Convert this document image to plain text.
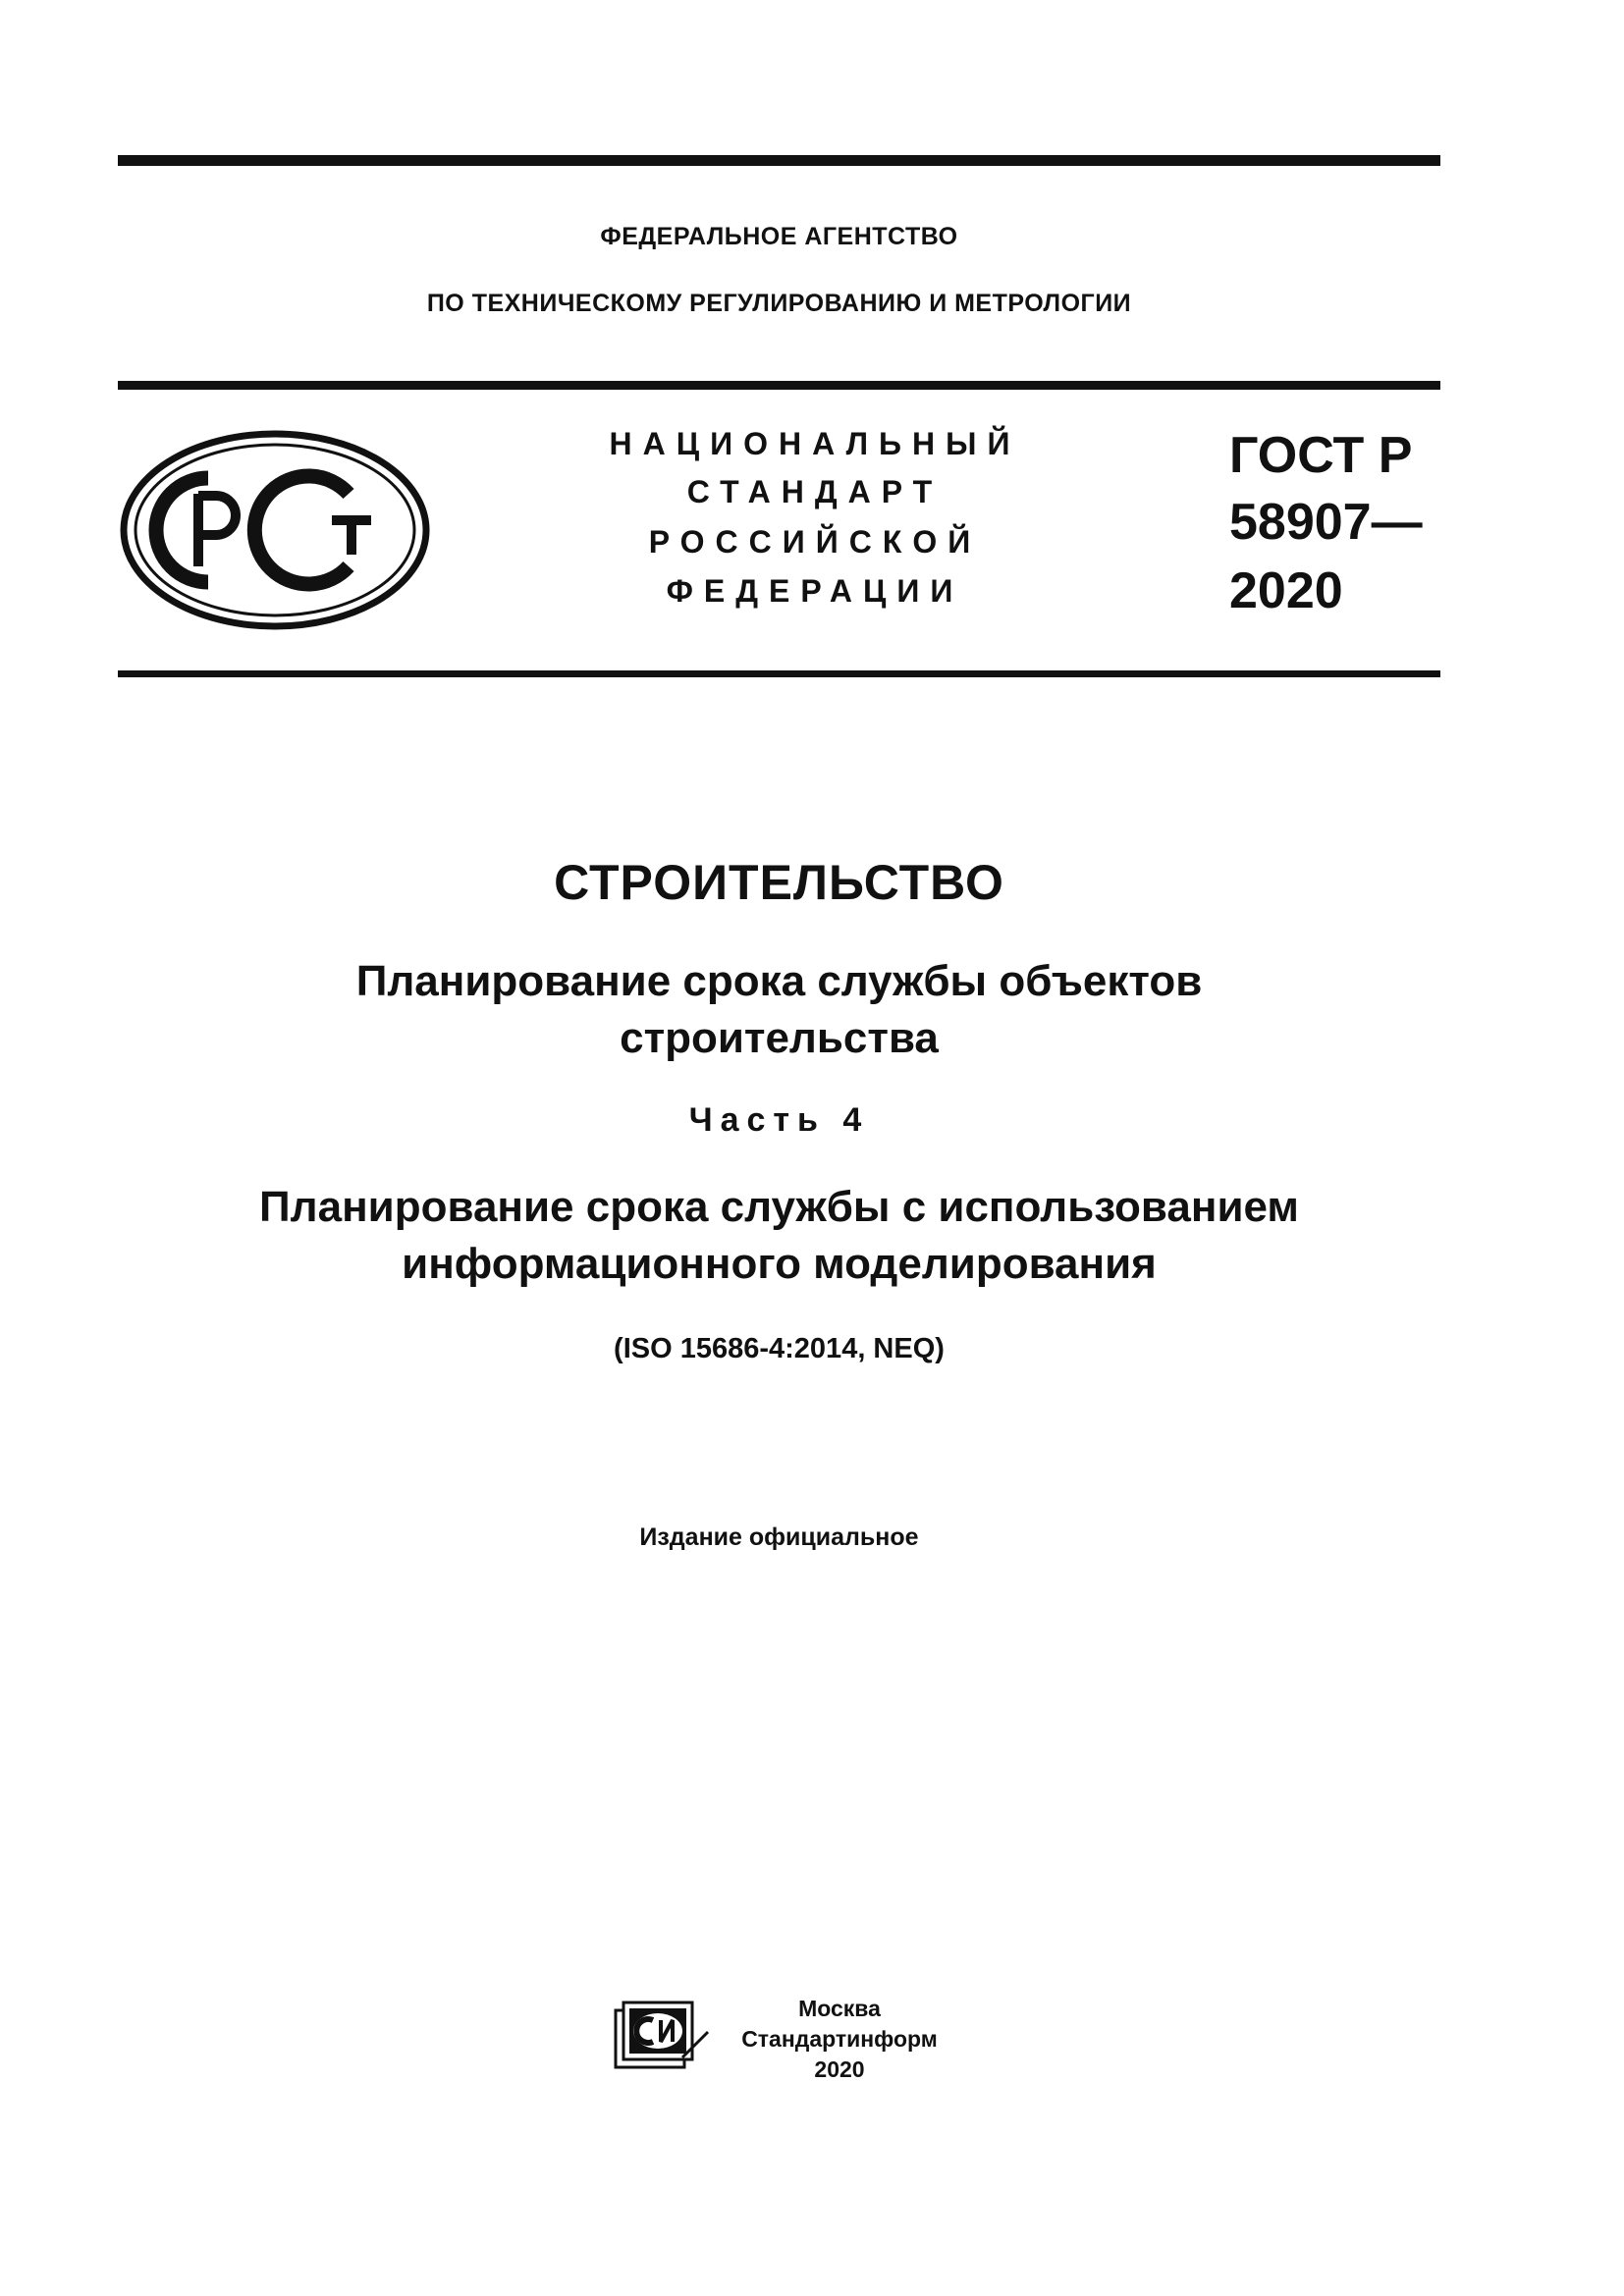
ФЕДЕРАЛЬНОЕ АГЕНТСТВО
ПО ТЕХНИЧЕСКОМУ РЕГУЛИРОВАНИЮ И МЕТРОЛОГИИ
НАЦИОНАЛЬНЫЙ
СТАНДАРТ
РОССИЙСКОЙ
ФЕДЕРАЦИИ
ГОСТ Р
58907—
2020
СТРОИТЕЛЬСТВО
Планирование срока службы объектов
строительства
Часть 4
Планирование срока службы с использованием
информационного моделирования
(ISO 15686-4:2014, NEQ)
Издание официальное
Москва
Стандартинформ
2020
